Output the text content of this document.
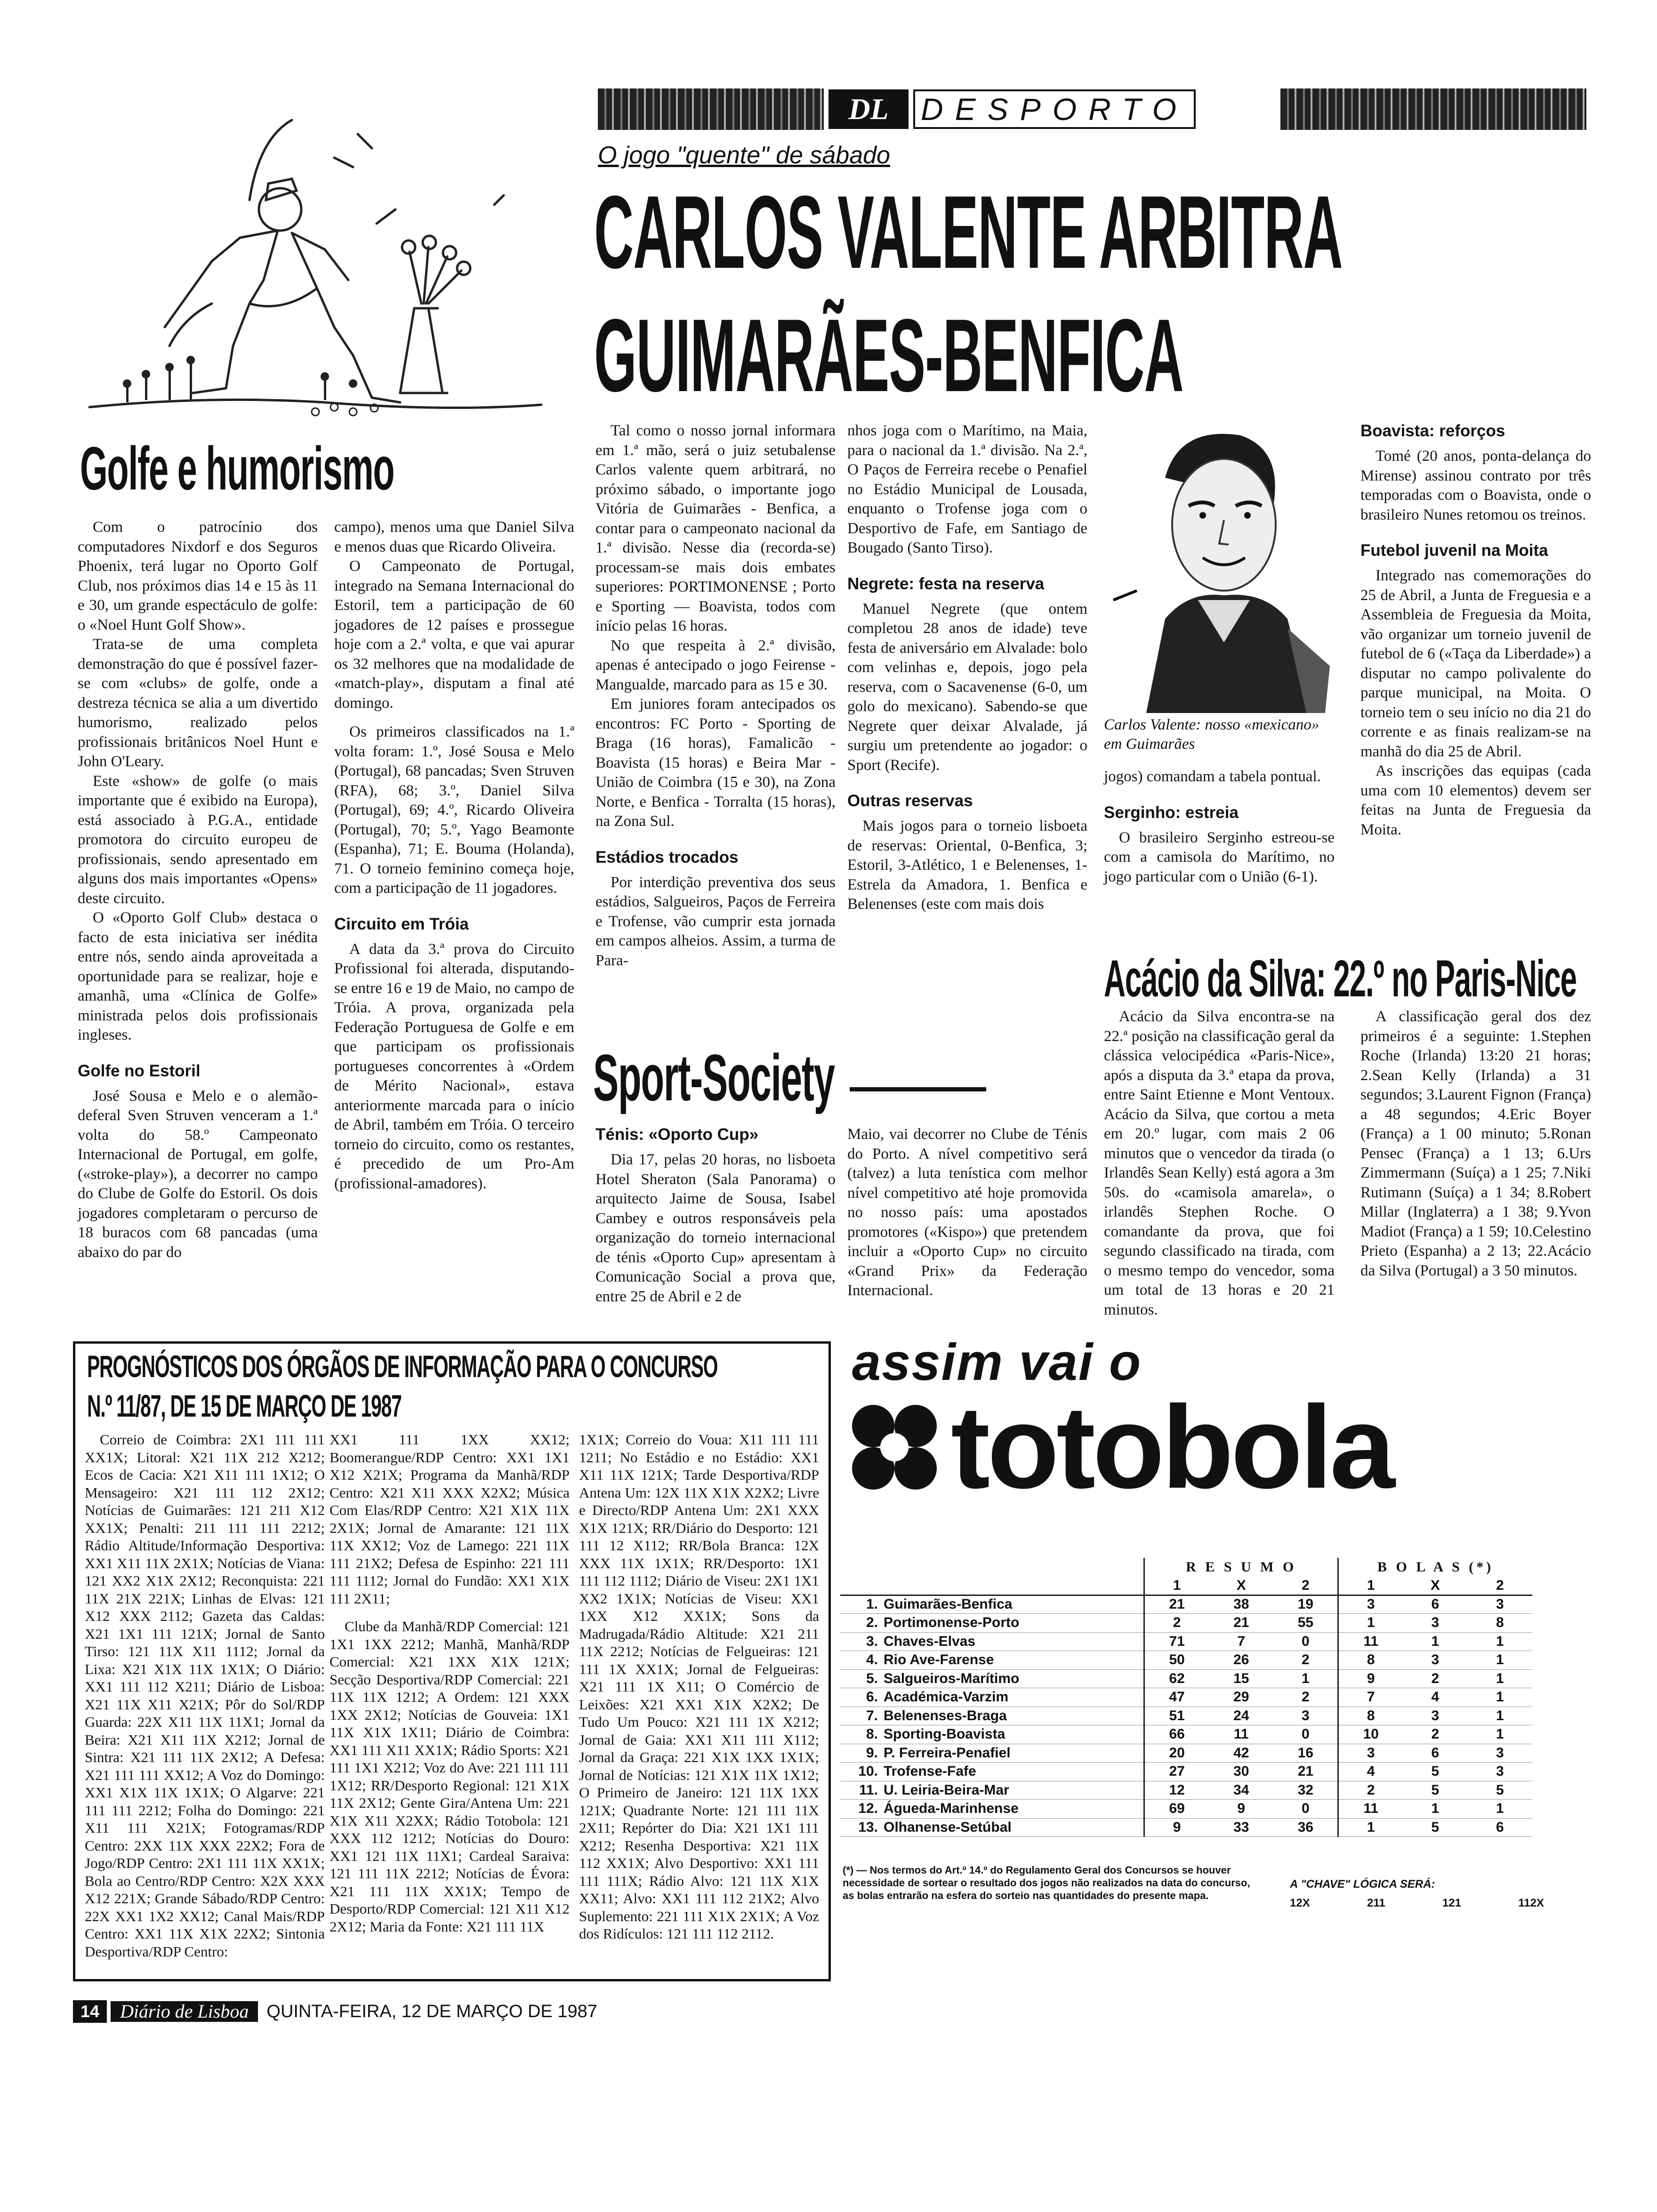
DL	DESPORTO
O jogo "quente" de sábado
CARLOS VALENTE ARBITRA
GUIMARÃES-BENFICA
Golfe e humorismo

Com o patrocínio dos computadores Nixdorf e dos Seguros Phoenix, terá lugar no Oporto Golf Club, nos próximos dias 14 e 15 às 11 e 30, um grande espectáculo de golfe: o «Noel Hunt Golf Show».

Trata-se de uma completa demonstração do que é possível fazer-se com «clubs» de golfe, onde a destreza técnica se alia a um divertido humorismo, realizado pelos profissionais britânicos Noel Hunt e John O'Leary.

Este «show» de golfe (o mais importante que é exibido na Europa), está associado à P.G.A., entidade promotora do circuito europeu de profissionais, sendo apresentado em alguns dos mais importantes «Opens» deste circuito.

O «Oporto Golf Club» destaca o facto de esta iniciativa ser inédita entre nós, sendo ainda aproveitada a oportunidade para se realizar, hoje e amanhã, uma «Clínica de Golfe» ministrada pelos dois profissionais ingleses.

Golfe no Estoril

José Sousa e Melo e o alemão-deferal Sven Struven venceram a 1.ª volta do 58.º Campeonato Internacional de Portugal, em golfe, («stroke-play»), a decorrer no campo do Clube de Golfe do Estoril. Os dois jogadores completaram o percurso de 18 buracos com 68 pancadas (uma abaixo do par do

campo), menos uma que Daniel Silva e menos duas que Ricardo Oliveira.

O Campeonato de Portugal, integrado na Semana Internacional do Estoril, tem a participação de 60 jogadores de 12 países e prossegue hoje com a 2.ª volta, e que vai apurar os 32 melhores que na modalidade de «match-play», disputam a final até domingo.

Os primeiros classificados na 1.ª volta foram: 1.º, José Sousa e Melo (Portugal), 68 pancadas; Sven Struven (RFA), 68; 3.º, Daniel Silva (Portugal), 69; 4.º, Ricardo Oliveira (Portugal), 70; 5.º, Yago Beamonte (Espanha), 71; E. Bouma (Holanda), 71. O torneio feminino começa hoje, com a participação de 11 jogadores.

Circuito em Tróia

A data da 3.ª prova do Circuito Profissional foi alterada, disputando-se entre 16 e 19 de Maio, no campo de Tróia. A prova, organizada pela Federação Portuguesa de Golfe e em que participam os profissionais portugueses concorrentes à «Ordem de Mérito Nacional», estava anteriormente marcada para o início de Abril, também em Tróia. O terceiro torneio do circuito, como os restantes, é precedido de um Pro-Am (profissional-amadores).

Tal como o nosso jornal informara em 1.ª mão, será o juiz setubalense Carlos valente quem arbitrará, no próximo sábado, o importante jogo Vitória de Guimarães - Benfica, a contar para o campeonato nacional da 1.ª divisão. Nesse dia (recorda-se) processam-se mais dois embates superiores: PORTIMONENSE ; Porto e Sporting — Boavista, todos com início pelas 16 horas.

No que respeita à 2.ª divisão, apenas é antecipado o jogo Feirense - Mangualde, marcado para as 15 e 30.

Em juniores foram antecipados os encontros: FC Porto - Sporting de Braga (16 horas), Famalicão - Boavista (15 horas) e Beira Mar - União de Coimbra (15 e 30), na Zona Norte, e Benfica - Torralta (15 horas), na Zona Sul.

Estádios trocados

Por interdição preventiva dos seus estádios, Salgueiros, Paços de Ferreira e Trofense, vão cumprir esta jornada em campos alheios. Assim, a turma de Para-

nhos joga com o Marítimo, na Maia, para o nacional da 1.ª divisão. Na 2.ª, O Paços de Ferreira recebe o Penafiel no Estádio Municipal de Lousada, enquanto o Trofense joga com o Desportivo de Fafe, em Santiago de Bougado (Santo Tirso).

Negrete: festa na reserva

Manuel Negrete (que ontem completou 28 anos de idade) teve festa de aniversário em Alvalade: bolo com velinhas e, depois, jogo pela reserva, com o Sacavenense (6-0, um golo do mexicano). Sabendo-se que Negrete quer deixar Alvalade, já surgiu um pretendente ao jogador: o Sport (Recife).

Outras reservas

Mais jogos para o torneio lisboeta de reservas: Oriental, 0-Benfica, 3; Estoril, 3-Atlético, 1 e Belenenses, 1-Estrela da Amadora, 1. Benfica e Belenenses (este com mais dois

Carlos Valente: nosso «mexicano» em Guimarães

jogos) comandam a tabela pontual.

Serginho: estreia

O brasileiro Serginho estreou-se com a camisola do Marítimo, no jogo particular com o União (6-1).

Boavista: reforços

Tomé (20 anos, ponta-delança do Mirense) assinou contrato por três temporadas com o Boavista, onde o brasileiro Nunes retomou os treinos.

Futebol juvenil na Moita

Integrado nas comemorações do 25 de Abril, a Junta de Freguesia e a Assembleia de Freguesia da Moita, vão organizar um torneio juvenil de futebol de 6 («Taça da Liberdade») a disputar no campo polivalente do parque municipal, na Moita. O torneio tem o seu início no dia 21 do corrente e as finais realizam-se na manhã do dia 25 de Abril.

As inscrições das equipas (cada uma com 10 elementos) devem ser feitas na Junta de Freguesia da Moita.

Acácio da Silva: 22.º no Paris-Nice

Acácio da Silva encontra-se na 22.ª posição na classificação geral da clássica velocipédica «Paris-Nice», após a disputa da 3.ª etapa da prova, entre Saint Etienne e Mont Ventoux. Acácio da Silva, que cortou a meta em 20.º lugar, com mais 2 06 minutos que o vencedor da tirada (o Irlandês Sean Kelly) está agora a 3m 50s. do «camisola amarela», o irlandês Stephen Roche. O comandante da prova, que foi segundo classificado na tirada, com o mesmo tempo do vencedor, soma um total de 13 horas e 20 21 minutos.

A classificação geral dos dez primeiros é a seguinte: 1.Stephen Roche (Irlanda) 13:20 21 horas; 2.Sean Kelly (Irlanda) a 31 segundos; 3.Laurent Fignon (França) a 48 segundos; 4.Eric Boyer (França) a 1 00 minuto; 5.Ronan Pensec (França) a 1 13; 6.Urs Zimmermann (Suíça) a 1 25; 7.Niki Rutimann (Suíça) a 1 34; 8.Robert Millar (Inglaterra) a 1 38; 9.Yvon Madiot (França) a 1 59; 10.Celestino Prieto (Espanha) a 2 13; 22.Acácio da Silva (Portugal) a 3 50 minutos.

Sport-Society
Ténis: «Oporto Cup»

Dia 17, pelas 20 horas, no lisboeta Hotel Sheraton (Sala Panorama) o arquitecto Jaime de Sousa, Isabel Cambey e outros responsáveis pela organização do torneio internacional de ténis «Oporto Cup» apresentam à Comunicação Social a prova que, entre 25 de Abril e 2 de

Maio, vai decorrer no Clube de Ténis do Porto. A nível competitivo será (talvez) a luta tenística com melhor nível competitivo até hoje promovida no nosso país: uma apostados promotores («Kispo») que pretendem incluir a «Oporto Cup» no circuito «Grand Prix» da Federação Internacional.

PROGNÓSTICOS DOS ÓRGÃOS DE INFORMAÇÃO PARA O CONCURSO
N.º 11/87, DE 15 DE MARÇO DE 1987

Correio de Coimbra: 2X1 111 111 XX1X; Litoral: X21 11X 212 X212; Ecos de Cacia: X21 X11 111 1X12; O Mensageiro: X21 111 112 2X12; Notícias de Guimarães: 121 211 X12 XX1X; Penalti: 211 111 111 2212; Rádio Altitude/Informação Desportiva: XX1 X11 11X 2X1X; Notícias de Viana: 121 XX2 X1X 2X12; Reconquista: 221 11X 21X 221X; Linhas de Elvas: 121 X12 XXX 2112; Gazeta das Caldas: X21 1X1 111 121X; Jornal de Santo Tirso: 121 11X X11 1112; Jornal da Lixa: X21 X1X 11X 1X1X; O Diário: XX1 111 112 X211; Diário de Lisboa: X21 11X X11 X21X; Pôr do Sol/RDP Guarda: 22X X11 11X 11X1; Jornal da Beira: X21 X11 11X X212; Jornal de Sintra: X21 111 11X 2X12; A Defesa: X21 111 111 XX12; A Voz do Domingo: XX1 X1X 11X 1X1X; O Algarve: 221 111 111 2212; Folha do Domingo: 221 X11 111 X21X; Fotogramas/RDP Centro: 2XX 11X XXX 22X2; Fora de Jogo/RDP Centro: 2X1 111 11X XX1X; Bola ao Centro/RDP Centro: X2X XXX X12 221X; Grande Sábado/RDP Centro: 22X XX1 1X2 XX12; Canal Mais/RDP Centro: XX1 11X X1X 22X2; Sintonia Desportiva/RDP Centro:

XX1 111 1XX XX12; Boomerangue/RDP Centro: XX1 1X1 X12 X21X; Programa da Manhã/RDP Centro: X21 X11 XXX X2X2; Música Com Elas/RDP Centro: X21 X1X 11X 2X1X; Jornal de Amarante: 121 11X 11X XX12; Voz de Lamego: 221 11X 111 21X2; Defesa de Espinho: 221 111 111 1112; Jornal do Fundão: XX1 X1X 111 2X11;

Clube da Manhã/RDP Comercial: 121 1X1 1XX 2212; Manhã, Manhã/RDP Comercial: X21 1XX X1X 121X; Secção Desportiva/RDP Comercial: 221 11X 11X 1212; A Ordem: 121 XXX 1XX 2X12; Notícias de Gouveia: 1X1 11X X1X 1X11; Diário de Coimbra: XX1 111 X11 XX1X; Rádio Sports: X21 111 1X1 X212; Voz do Ave: 221 111 111 1X12; RR/Desporto Regional: 121 X1X 11X 2X12; Gente Gira/Antena Um: 221 X1X X11 X2XX; Rádio Totobola: 121 XXX 112 1212; Notícias do Douro: XX1 121 11X 11X1; Cardeal Saraiva: 121 111 11X 2212; Notícias de Évora: X21 111 11X XX1X; Tempo de Desporto/RDP Comercial: 121 X11 X12 2X12; Maria da Fonte: X21 111 11X

1X1X; Correio do Voua: X11 111 111 1211; No Estádio e no Estádio: XX1 X11 11X 121X; Tarde Desportiva/RDP Antena Um: 12X 11X X1X X2X2; Livre e Directo/RDP Antena Um: 2X1 XXX X1X 121X; RR/Diário do Desporto: 121 111 12 X112; RR/Bola Branca: 12X XXX 11X 1X1X; RR/Desporto: 1X1 111 112 1112; Diário de Viseu: 2X1 1X1 XX2 1X1X; Notícias de Viseu: XX1 1XX X12 XX1X; Sons da Madrugada/Rádio Altitude: X21 211 11X 2212; Notícias de Felgueiras: 121 111 1X XX1X; Jornal de Felgueiras: X21 111 1X X11; O Comércio de Leixões: X21 XX1 X1X X2X2; De Tudo Um Pouco: X21 111 1X X212; Jornal de Gaia: XX1 X11 111 X112; Jornal da Graça: 221 X1X 1XX 1X1X; Jornal de Notícias: 121 X1X 11X 1X12; O Primeiro de Janeiro: 121 11X 1XX 121X; Quadrante Norte: 121 111 11X 2X11; Repórter do Dia: X21 1X1 111 X212; Resenha Desportiva: X21 11X 112 XX1X; Alvo Desportivo: XX1 111 111 111X; Rádio Alvo: 121 11X X1X XX11; Alvo: XX1 111 112 21X2; Alvo Suplemento: 221 111 X1X 2X1X; A Voz dos Ridículos: 121 111 112 2112.

assim vai o
totobola
	R E S U M O			B O L A S (*)		
	1	X	2	1	X	2
1. Guimarães-Benfica	21	38	19	3	6	3
2. Portimonense-Porto	2	21	55	1	3	8
3. Chaves-Elvas	71	7	0	11	1	1
4. Rio Ave-Farense	50	26	2	8	3	1
5. Salgueiros-Marítimo	62	15	1	9	2	1
6. Académica-Varzim	47	29	2	7	4	1
7. Belenenses-Braga	51	24	3	8	3	1
8. Sporting-Boavista	66	11	0	10	2	1
9. P. Ferreira-Penafiel	20	42	16	3	6	3
10. Trofense-Fafe	27	30	21	4	5	3
11. U. Leiria-Beira-Mar	12	34	32	2	5	5
12. Águeda-Marinhense	69	9	0	11	1	1
13. Olhanense-Setúbal	9	33	36	1	5	6
(*) — Nos termos do Art.º 14.º do Regulamento Geral dos Concursos se houver necessidade de sortear o resultado dos jogos não realizados na data do concurso, as bolas entrarão na esfera do sorteio nas quantidades do presente mapa.
A "CHAVE" LÓGICA SERÁ:
12X	211	121	112X
14	Diário de Lisboa	QUINTA-FEIRA, 12 DE MARÇO DE 1987
